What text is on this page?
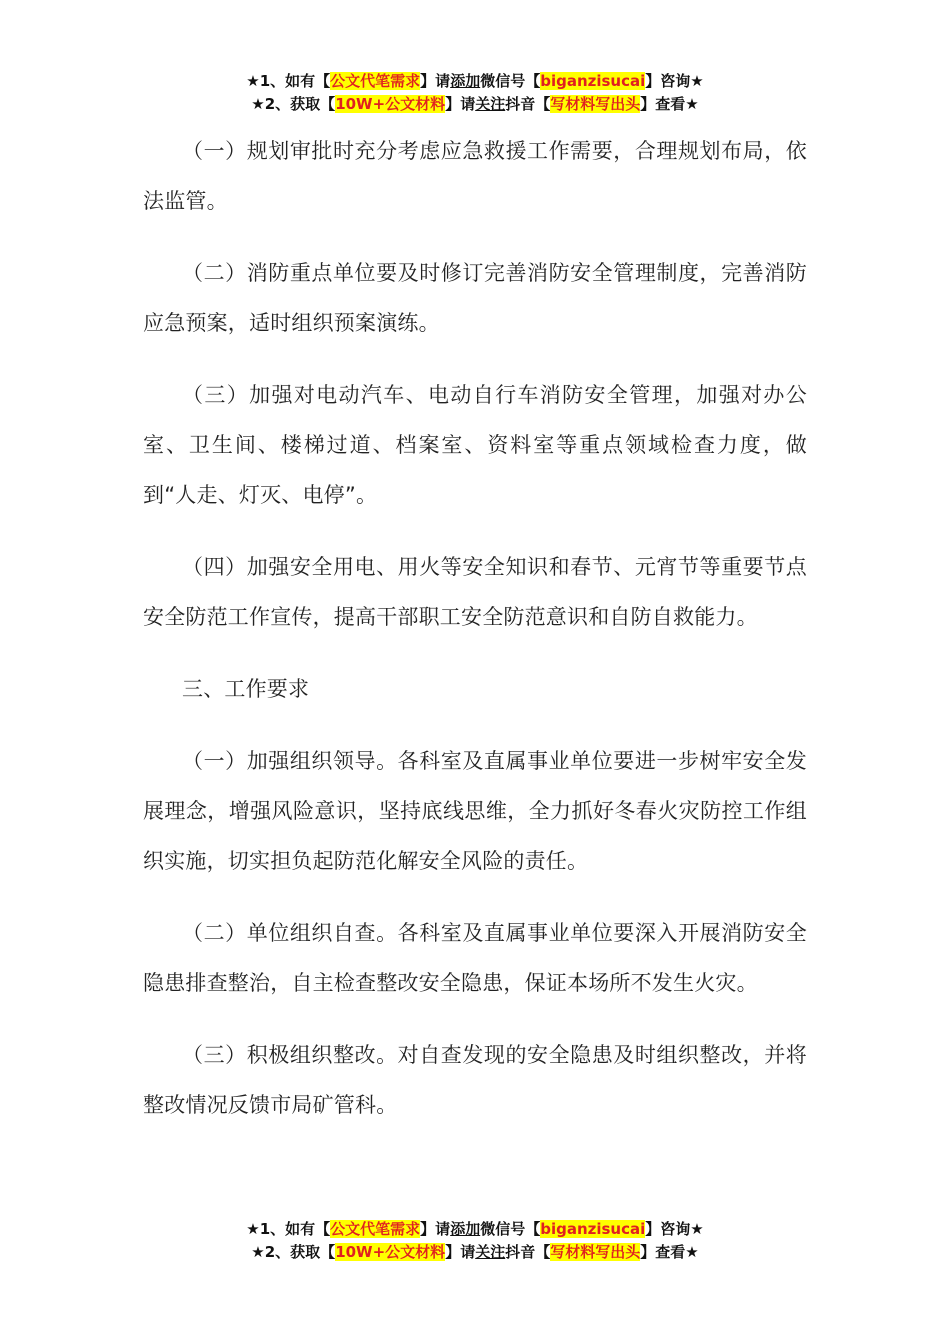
★1、如有【公文代笔需求】请添加微信号【biganzisucai】咨询★
★2、获取【10W+公文材料】请关注抖音【写材料写出头】查看★

（一）规划审批时充分考虑应急救援工作需要，合理规划布局，依法监管。

（二）消防重点单位要及时修订完善消防安全管理制度，完善消防应急预案，适时组织预案演练。

（三）加强对电动汽车、电动自行车消防安全管理，加强对办公室、卫生间、楼梯过道、档案室、资料室等重点领域检查力度，做到“人走、灯灭、电停”。

（四）加强安全用电、用火等安全知识和春节、元宵节等重要节点安全防范工作宣传，提高干部职工安全防范意识和自防自救能力。

三、工作要求

（一）加强组织领导。各科室及直属事业单位要进一步树牢安全发展理念，增强风险意识，坚持底线思维，全力抓好冬春火灾防控工作组织实施，切实担负起防范化解安全风险的责任。

（二）单位组织自查。各科室及直属事业单位要深入开展消防安全隐患排查整治，自主检查整改安全隐患，保证本场所不发生火灾。

（三）积极组织整改。对自查发现的安全隐患及时组织整改，并将整改情况反馈市局矿管科。

★1、如有【公文代笔需求】请添加微信号【biganzisucai】咨询★
★2、获取【10W+公文材料】请关注抖音【写材料写出头】查看★
